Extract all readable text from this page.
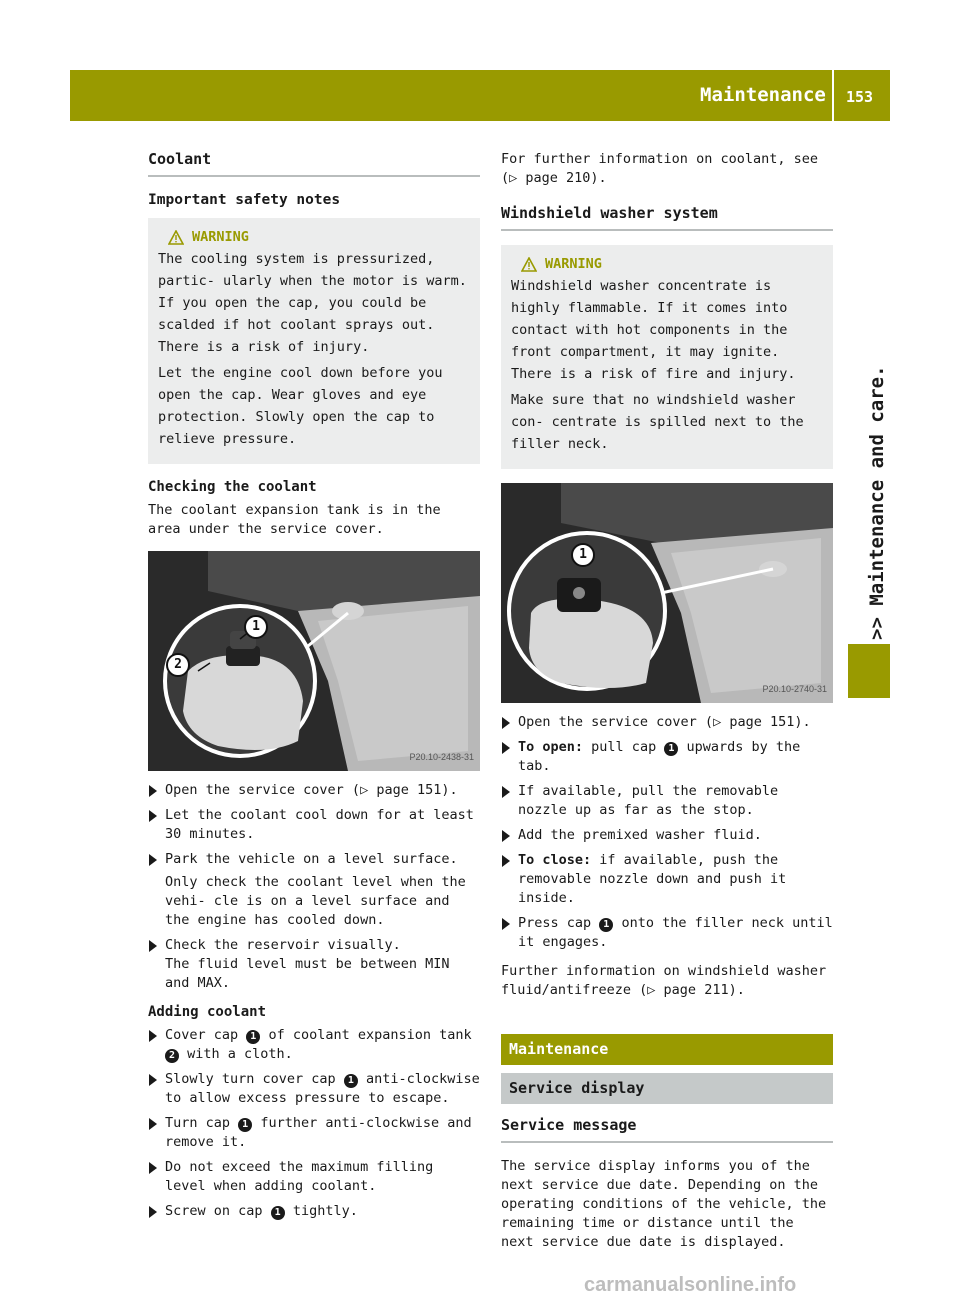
Maintenance 153
>> Maintenance and care.
Coolant
Important safety notes
WARNING

The cooling system is pressurized, partic- ularly when the motor is warm. If you open the cap, you could be scalded if hot coolant sprays out. There is a risk of injury.

Let the engine cool down before you open the cap. Wear gloves and eye protection. Slowly open the cap to relieve pressure.

Checking the coolant

The coolant expansion tank is in the area under the service cover.

1
2
P20.10-2438-31
Open the service cover (▷ page 151).
Let the coolant cool down for at least 30 minutes.
Park the vehicle on a level surface.
Only check the coolant level when the vehi- cle is on a level surface and the engine has cooled down.
Check the reservoir visually.
The fluid level must be between MIN and MAX.
Adding coolant
Cover cap 1 of coolant expansion tank 2 with a cloth.
Slowly turn cover cap 1 anti-clockwise to allow excess pressure to escape.
Turn cap 1 further anti-clockwise and remove it.
Do not exceed the maximum filling level when adding coolant.
Screw on cap 1 tightly.

For further information on coolant, see (▷ page 210).

Windshield washer system
WARNING

Windshield washer concentrate is highly flammable. If it comes into contact with hot components in the front compartment, it may ignite. There is a risk of fire and injury.

Make sure that no windshield washer con- centrate is spilled next to the filler neck.

1
P20.10-2740-31
Open the service cover (▷ page 151).
To open: pull cap 1 upwards by the tab.
If available, pull the removable nozzle up as far as the stop.
Add the premixed washer fluid.
To close: if available, push the removable nozzle down and push it inside.
Press cap 1 onto the filler neck until it engages.

Further information on windshield washer fluid/antifreeze (▷ page 211).

Maintenance
Service display
Service message

The service display informs you of the next service due date. Depending on the operating conditions of the vehicle, the remaining time or distance until the next service due date is displayed.

carmanualsonline.info
